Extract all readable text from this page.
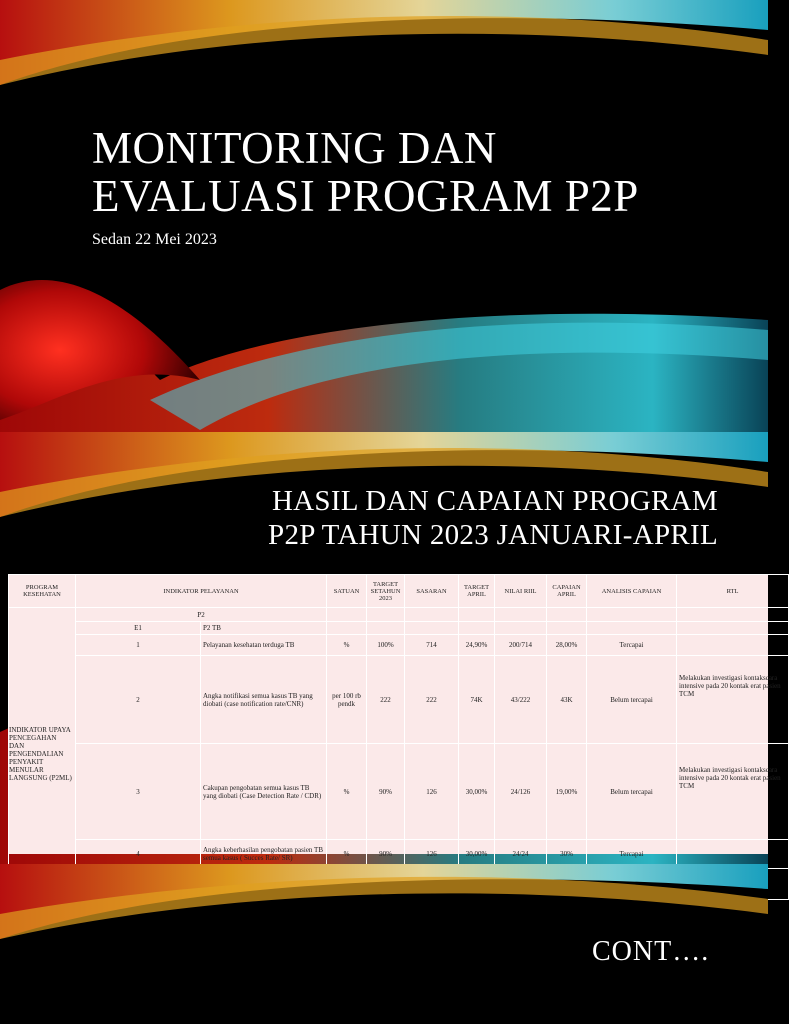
MONITORING DAN
EVALUASI PROGRAM P2P
Sedan 22 Mei 2023
HASIL DAN CAPAIAN PROGRAM
P2P TAHUN 2023 JANUARI-APRIL
PROGRAM KESEHATAN	INDIKATOR PELAYANAN		SATUAN	TARGET SETAHUN 2023	SASARAN	TARGET APRIL	NILAI RIIL	CAPAIAN APRIL	ANALISIS CAPAIAN	RTL
INDIKATOR UPAYA PENCEGAHAN DAN PENGENDALIAN PENYAKIT MENULAR LANGSUNG (P2ML)	P2									
	E1	P2 TB								
	1	Pelayanan kesehatan terduga TB	%	100%	714	24,90%	200/714	28,00%	Tercapai	
	2	Angka notifikasi semua kasus TB yang diobati (case notification rate/CNR)	per 100 rb pendk	222	222	74K	43/222	43K	Belum tercapai	Melakukan investigasi kontakscara intensive pada 20 kontak erat pasien TCM
	3	Cakupan pengobatan semua kasus TB yang diobati (Case Detection Rate / CDR)	%	90%	126	30,00%	24/126	19,00%	Belum tercapai	Melakukan investigasi kontakscara intensive pada 20 kontak erat pasien TCM
	4	Angka keberhasilan pengobatan pasien TB semua kasus ( Succes Rate/ SR)	%	90%	126	30,00%	24/24	30%	Tercapai	

CONT….
